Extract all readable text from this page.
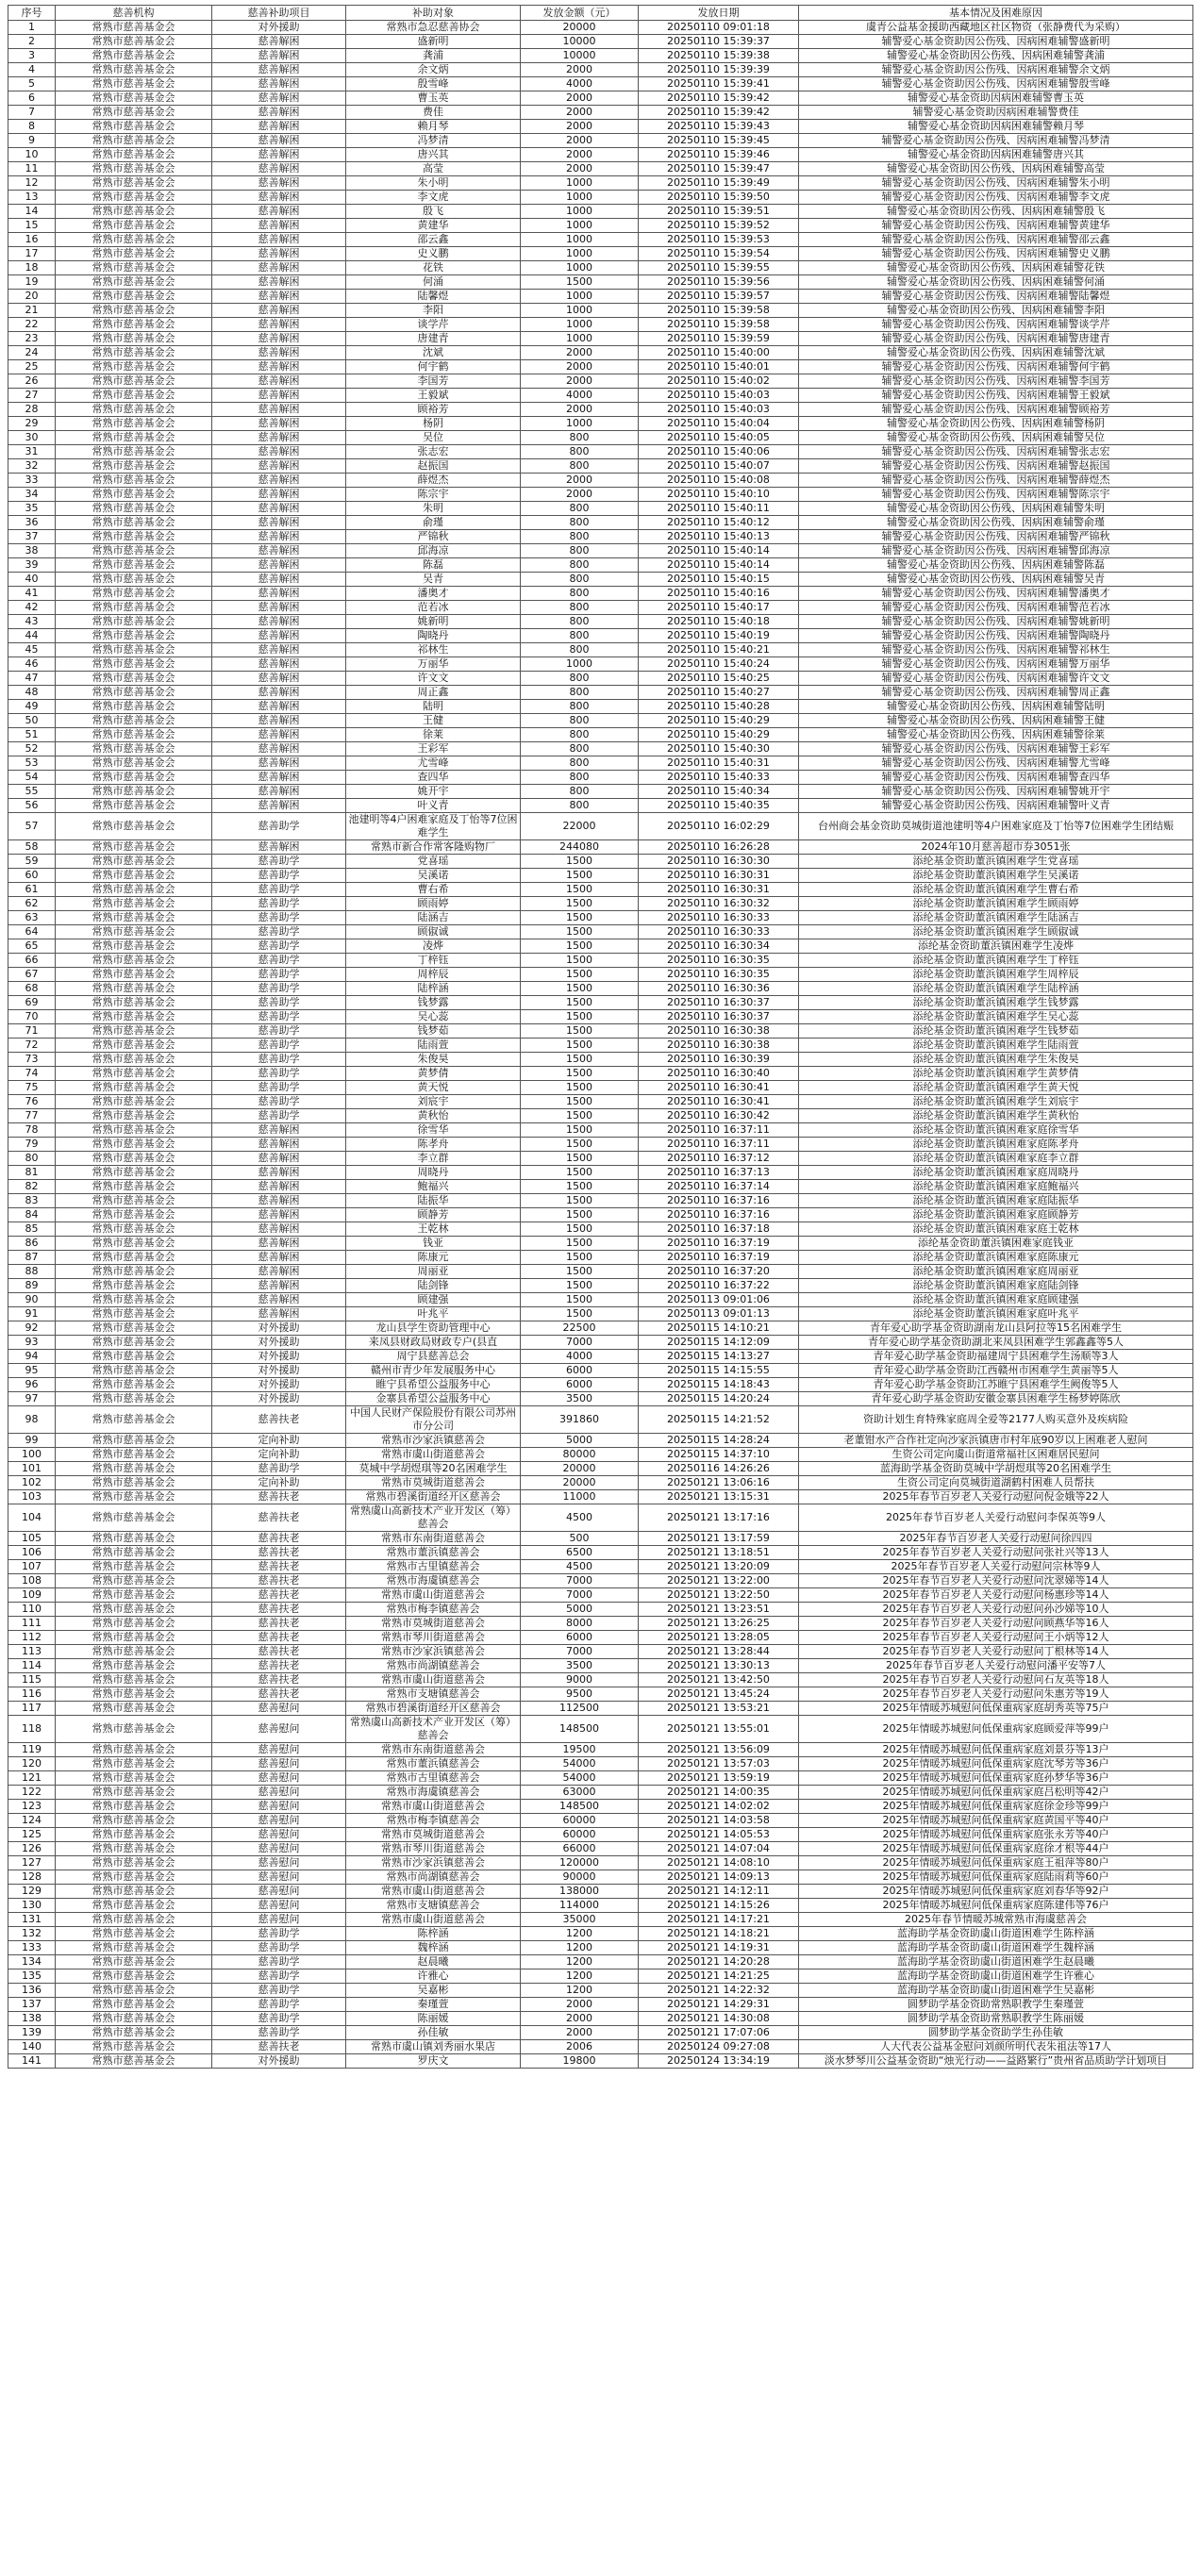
序号	慈善机构	慈善补助项目	补助对象	发放金额（元）	发放日期	基本情况及困难原因
1	常熟市慈善基金会	对外援助	常熟市急忍慈善协会	20000	20250110 09:01:18	虞青公益基金援助西藏地区社区物资（张静费代为采购）
2	常熟市慈善基金会	慈善解困	盛新明	10000	20250110 15:39:37	辅警爱心基金资助因公伤残、因病困难辅警盛新明
3	常熟市慈善基金会	慈善解困	龚浦	10000	20250110 15:39:38	辅警爱心基金资助因公伤残、因病困难辅警龚浦
4	常熟市慈善基金会	慈善解困	余文炳	2000	20250110 15:39:39	辅警爱心基金资助因公伤残、因病困难辅警余文炳
5	常熟市慈善基金会	慈善解困	殷雪峰	4000	20250110 15:39:41	辅警爱心基金资助因公伤残、因病困难辅警殷雪峰
6	常熟市慈善基金会	慈善解困	曹玉英	2000	20250110 15:39:42	辅警爱心基金资助因病困难辅警曹玉英
7	常熟市慈善基金会	慈善解困	费佳	2000	20250110 15:39:42	辅警爱心基金资助因病困难辅警费佳
8	常熟市慈善基金会	慈善解困	赖月琴	2000	20250110 15:39:43	辅警爱心基金资助因病困难辅警赖月琴
9	常熟市慈善基金会	慈善解困	冯梦清	2000	20250110 15:39:45	辅警爱心基金资助因公伤残、因病困难辅警冯梦清
10	常熟市慈善基金会	慈善解困	唐兴其	2000	20250110 15:39:46	辅警爱心基金资助因病困难辅警唐兴其
11	常熟市慈善基金会	慈善解困	高莹	2000	20250110 15:39:47	辅警爱心基金资助因公伤残、因病困难辅警高莹
12	常熟市慈善基金会	慈善解困	朱小明	1000	20250110 15:39:49	辅警爱心基金资助因公伤残、因病困难辅警朱小明
13	常熟市慈善基金会	慈善解困	李文虎	1000	20250110 15:39:50	辅警爱心基金资助因公伤残、因病困难辅警李文虎
14	常熟市慈善基金会	慈善解困	殷飞	1000	20250110 15:39:51	辅警爱心基金资助因公伤残、因病困难辅警殷飞
15	常熟市慈善基金会	慈善解困	黄建华	1000	20250110 15:39:52	辅警爱心基金资助因公伤残、因病困难辅警黄建华
16	常熟市慈善基金会	慈善解困	邵云鑫	1000	20250110 15:39:53	辅警爱心基金资助因公伤残、因病困难辅警邵云鑫
17	常熟市慈善基金会	慈善解困	史义鹏	1000	20250110 15:39:54	辅警爱心基金资助因公伤残、因病困难辅警史义鹏
18	常熟市慈善基金会	慈善解困	花铁	1000	20250110 15:39:55	辅警爱心基金资助因公伤残、因病困难辅警花铁
19	常熟市慈善基金会	慈善解困	何涌	1500	20250110 15:39:56	辅警爱心基金资助因公伤残、因病困难辅警何涌
20	常熟市慈善基金会	慈善解困	陆馨煜	1000	20250110 15:39:57	辅警爱心基金资助因公伤残、因病困难辅警陆馨煜
21	常熟市慈善基金会	慈善解困	李阳	1000	20250110 15:39:58	辅警爱心基金资助因公伤残、因病困难辅警李阳
22	常熟市慈善基金会	慈善解困	谈学芹	1000	20250110 15:39:58	辅警爱心基金资助因公伤残、因病困难辅警谈学芹
23	常熟市慈善基金会	慈善解困	唐建青	1000	20250110 15:39:59	辅警爱心基金资助因公伤残、因病困难辅警唐建青
24	常熟市慈善基金会	慈善解困	沈斌	2000	20250110 15:40:00	辅警爱心基金资助因公伤残、因病困难辅警沈斌
25	常熟市慈善基金会	慈善解困	何宇鹤	2000	20250110 15:40:01	辅警爱心基金资助因公伤残、因病困难辅警何宇鹤
26	常熟市慈善基金会	慈善解困	李国芳	2000	20250110 15:40:02	辅警爱心基金资助因公伤残、因病困难辅警李国芳
27	常熟市慈善基金会	慈善解困	王毅斌	4000	20250110 15:40:03	辅警爱心基金资助因公伤残、因病困难辅警王毅斌
28	常熟市慈善基金会	慈善解困	顾裕芳	2000	20250110 15:40:03	辅警爱心基金资助因公伤残、因病困难辅警顾裕芳
29	常熟市慈善基金会	慈善解困	杨阴	1000	20250110 15:40:04	辅警爱心基金资助因公伤残、因病困难辅警杨阴
30	常熟市慈善基金会	慈善解困	吴位	800	20250110 15:40:05	辅警爱心基金资助因公伤残、因病困难辅警吴位
31	常熟市慈善基金会	慈善解困	张志宏	800	20250110 15:40:06	辅警爱心基金资助因公伤残、因病困难辅警张志宏
32	常熟市慈善基金会	慈善解困	赵振国	800	20250110 15:40:07	辅警爱心基金资助因公伤残、因病困难辅警赵振国
33	常熟市慈善基金会	慈善解困	薛煜杰	2000	20250110 15:40:08	辅警爱心基金资助因公伤残、因病困难辅警薛煜杰
34	常熟市慈善基金会	慈善解困	陈宗宇	2000	20250110 15:40:10	辅警爱心基金资助因公伤残、因病困难辅警陈宗宇
35	常熟市慈善基金会	慈善解困	朱明	800	20250110 15:40:11	辅警爱心基金资助因公伤残、因病困难辅警朱明
36	常熟市慈善基金会	慈善解困	俞瑾	800	20250110 15:40:12	辅警爱心基金资助因公伤残、因病困难辅警俞瑾
37	常熟市慈善基金会	慈善解困	严锦秋	800	20250110 15:40:13	辅警爱心基金资助因公伤残、因病困难辅警严锦秋
38	常熟市慈善基金会	慈善解困	邱海凉	800	20250110 15:40:14	辅警爱心基金资助因公伤残、因病困难辅警邱海凉
39	常熟市慈善基金会	慈善解困	陈磊	800	20250110 15:40:14	辅警爱心基金资助因公伤残、因病困难辅警陈磊
40	常熟市慈善基金会	慈善解困	吴青	800	20250110 15:40:15	辅警爱心基金资助因公伤残、因病困难辅警吴青
41	常熟市慈善基金会	慈善解困	潘奥才	800	20250110 15:40:16	辅警爱心基金资助因公伤残、因病困难辅警潘奥才
42	常熟市慈善基金会	慈善解困	范若冰	800	20250110 15:40:17	辅警爱心基金资助因公伤残、因病困难辅警范若冰
43	常熟市慈善基金会	慈善解困	姚新明	800	20250110 15:40:18	辅警爱心基金资助因公伤残、因病困难辅警姚新明
44	常熟市慈善基金会	慈善解困	陶晓丹	800	20250110 15:40:19	辅警爱心基金资助因公伤残、因病困难辅警陶晓丹
45	常熟市慈善基金会	慈善解困	祁林生	800	20250110 15:40:21	辅警爱心基金资助因公伤残、因病困难辅警祁林生
46	常熟市慈善基金会	慈善解困	万丽华	1000	20250110 15:40:24	辅警爱心基金资助因公伤残、因病困难辅警万丽华
47	常熟市慈善基金会	慈善解困	许文文	800	20250110 15:40:25	辅警爱心基金资助因公伤残、因病困难辅警许文文
48	常熟市慈善基金会	慈善解困	周正鑫	800	20250110 15:40:27	辅警爱心基金资助因公伤残、因病困难辅警周正鑫
49	常熟市慈善基金会	慈善解困	陆明	800	20250110 15:40:28	辅警爱心基金资助因公伤残、因病困难辅警陆明
50	常熟市慈善基金会	慈善解困	王健	800	20250110 15:40:29	辅警爱心基金资助因公伤残、因病困难辅警王健
51	常熟市慈善基金会	慈善解困	徐莱	800	20250110 15:40:29	辅警爱心基金资助因公伤残、因病困难辅警徐莱
52	常熟市慈善基金会	慈善解困	王彩军	800	20250110 15:40:30	辅警爱心基金资助因公伤残、因病困难辅警王彩军
53	常熟市慈善基金会	慈善解困	尤雪峰	800	20250110 15:40:31	辅警爱心基金资助因公伤残、因病困难辅警尤雪峰
54	常熟市慈善基金会	慈善解困	查四华	800	20250110 15:40:33	辅警爱心基金资助因公伤残、因病困难辅警查四华
55	常熟市慈善基金会	慈善解困	姚开宇	800	20250110 15:40:34	辅警爱心基金资助因公伤残、因病困难辅警姚开宇
56	常熟市慈善基金会	慈善解困	叶义青	800	20250110 15:40:35	辅警爱心基金资助因公伤残、因病困难辅警叶义青
57	常熟市慈善基金会	慈善助学	池建明等4户困难家庭及丁怡等7位困难学生	22000	20250110 16:02:29	台州商会基金资助莫城街道池建明等4户困难家庭及丁怡等7位困难学生团结赈
58	常熟市慈善基金会	慈善解困	常熟市新合作常客隆购物厂	244080	20250110 16:26:28	2024年10月慈善超市券3051张
59	常熟市慈善基金会	慈善助学	党喜瑶	1500	20250110 16:30:30	添纶基金资助董浜镇困难学生党喜瑶
60	常熟市慈善基金会	慈善助学	吴溪诺	1500	20250110 16:30:31	添纶基金资助董浜镇困难学生吴溪诺
61	常熟市慈善基金会	慈善助学	曹右希	1500	20250110 16:30:31	添纶基金资助董浜镇困难学生曹右希
62	常熟市慈善基金会	慈善助学	顾雨婷	1500	20250110 16:30:32	添纶基金资助董浜镇困难学生顾雨婷
63	常熟市慈善基金会	慈善助学	陆涵吉	1500	20250110 16:30:33	添纶基金资助董浜镇困难学生陆涵吉
64	常熟市慈善基金会	慈善助学	顾俶诚	1500	20250110 16:30:33	添纶基金资助董浜镇困难学生顾俶诚
65	常熟市慈善基金会	慈善助学	凌烨	1500	20250110 16:30:34	添纶基金资助董浜镇困难学生凌烨
66	常熟市慈善基金会	慈善助学	丁梓钰	1500	20250110 16:30:35	添纶基金资助董浜镇困难学生丁梓钰
67	常熟市慈善基金会	慈善助学	周梓辰	1500	20250110 16:30:35	添纶基金资助董浜镇困难学生周梓辰
68	常熟市慈善基金会	慈善助学	陆梓涵	1500	20250110 16:30:36	添纶基金资助董浜镇困难学生陆梓涵
69	常熟市慈善基金会	慈善助学	钱梦露	1500	20250110 16:30:37	添纶基金资助董浜镇困难学生钱梦露
70	常熟市慈善基金会	慈善助学	吴心蕊	1500	20250110 16:30:37	添纶基金资助董浜镇困难学生吴心蕊
71	常熟市慈善基金会	慈善助学	钱梦茹	1500	20250110 16:30:38	添纶基金资助董浜镇困难学生钱梦茹
72	常熟市慈善基金会	慈善助学	陆雨萱	1500	20250110 16:30:38	添纶基金资助董浜镇困难学生陆雨萱
73	常熟市慈善基金会	慈善助学	朱俊昊	1500	20250110 16:30:39	添纶基金资助董浜镇困难学生朱俊昊
74	常熟市慈善基金会	慈善助学	黄梦倩	1500	20250110 16:30:40	添纶基金资助董浜镇困难学生黄梦倩
75	常熟市慈善基金会	慈善助学	黄天悦	1500	20250110 16:30:41	添纶基金资助董浜镇困难学生黄天悦
76	常熟市慈善基金会	慈善助学	刘宸宇	1500	20250110 16:30:41	添纶基金资助董浜镇困难学生刘宸宇
77	常熟市慈善基金会	慈善助学	黄秋怡	1500	20250110 16:30:42	添纶基金资助董浜镇困难学生黄秋怡
78	常熟市慈善基金会	慈善解困	徐雪华	1500	20250110 16:37:11	添纶基金资助董浜镇困难家庭徐雪华
79	常熟市慈善基金会	慈善解困	陈孝舟	1500	20250110 16:37:11	添纶基金资助董浜镇困难家庭陈孝舟
80	常熟市慈善基金会	慈善解困	李立群	1500	20250110 16:37:12	添纶基金资助董浜镇困难家庭李立群
81	常熟市慈善基金会	慈善解困	周晓丹	1500	20250110 16:37:13	添纶基金资助董浜镇困难家庭周晓丹
82	常熟市慈善基金会	慈善解困	鲍福兴	1500	20250110 16:37:14	添纶基金资助董浜镇困难家庭鲍福兴
83	常熟市慈善基金会	慈善解困	陆振华	1500	20250110 16:37:16	添纶基金资助董浜镇困难家庭陆振华
84	常熟市慈善基金会	慈善解困	顾静芳	1500	20250110 16:37:16	添纶基金资助董浜镇困难家庭顾静芳
85	常熟市慈善基金会	慈善解困	王乾林	1500	20250110 16:37:18	添纶基金资助董浜镇困难家庭王乾林
86	常熟市慈善基金会	慈善解困	钱亚	1500	20250110 16:37:19	添纶基金资助董浜镇困难家庭钱亚
87	常熟市慈善基金会	慈善解困	陈康元	1500	20250110 16:37:19	添纶基金资助董浜镇困难家庭陈康元
88	常熟市慈善基金会	慈善解困	周丽亚	1500	20250110 16:37:20	添纶基金资助董浜镇困难家庭周丽亚
89	常熟市慈善基金会	慈善解困	陆剑锋	1500	20250110 16:37:22	添纶基金资助董浜镇困难家庭陆剑锋
90	常熟市慈善基金会	慈善解困	顾建强	1500	20250113 09:01:06	添纶基金资助董浜镇困难家庭顾建强
91	常熟市慈善基金会	慈善解困	叶兆平	1500	20250113 09:01:13	添纶基金资助董浜镇困难家庭叶兆平
92	常熟市慈善基金会	对外援助	龙山县学生资助管理中心	22500	20250115 14:10:21	青年爱心助学基金资助湖南龙山县阿拉等15名困难学生
93	常熟市慈善基金会	对外援助	来凤县财政局财政专户(县直	7000	20250115 14:12:09	青年爱心助学基金资助湖北来凤县困难学生郭鑫鑫等5人
94	常熟市慈善基金会	对外援助	周宁县慈善总会	4000	20250115 14:13:27	青年爱心助学基金资助福建周宁县困难学生汤顺等3人
95	常熟市慈善基金会	对外援助	赣州市青少年发展服务中心	6000	20250115 14:15:55	青年爱心助学基金资助江西赣州市困难学生黄丽等5人
96	常熟市慈善基金会	对外援助	睢宁县希望公益服务中心	6000	20250115 14:18:43	青年爱心助学基金资助江苏睢宁县困难学生阙俊等5人
97	常熟市慈善基金会	对外援助	金寨县希望公益服务中心	3500	20250115 14:20:24	青年爱心助学基金资助安徽金寨县困难学生杨梦婷陈欣
98	常熟市慈善基金会	慈善扶老	中国人民财产保险股份有限公司苏州市分公司	391860	20250115 14:21:52	资助计划生育特殊家庭周全爱等2177人购买意外及疾病险
99	常熟市慈善基金会	定向补助	常熟市沙家浜镇慈善会	5000	20250115 14:28:24	老董钳水产合作社定向沙家浜镇唐市村年底90岁以上困难老人慰问
100	常熟市慈善基金会	定向补助	常熟市虞山街道慈善会	80000	20250115 14:37:10	生资公司定向虞山街道常福社区困难居民慰问
101	常熟市慈善基金会	慈善助学	莫城中学胡煜琪等20名困难学生	20000	20250116 14:26:26	蓝海助学基金资助莫城中学胡煜琪等20名困难学生
102	常熟市慈善基金会	定向补助	常熟市莫城街道慈善会	20000	20250121 13:06:16	生资公司定向莫城街道湖鹤村困难人员帮扶
103	常熟市慈善基金会	慈善扶老	常熟市碧溪街道经开区慈善会	11000	20250121 13:15:31	2025年春节百岁老人关爱行动慰问倪金娥等22人
104	常熟市慈善基金会	慈善扶老	常熟虞山高新技术产业开发区（筹）慈善会	4500	20250121 13:17:16	2025年春节百岁老人关爱行动慰问李保英等9人
105	常熟市慈善基金会	慈善扶老	常熟市东南街道慈善会	500	20250121 13:17:59	2025年春节百岁老人关爱行动慰问徐四四
106	常熟市慈善基金会	慈善扶老	常熟市董浜镇慈善会	6500	20250121 13:18:51	2025年春节百岁老人关爱行动慰问张社兴等13人
107	常熟市慈善基金会	慈善扶老	常熟市古里镇慈善会	4500	20250121 13:20:09	2025年春节百岁老人关爱行动慰问宗林等9人
108	常熟市慈善基金会	慈善扶老	常熟市海虞镇慈善会	7000	20250121 13:22:00	2025年春节百岁老人关爱行动慰问沈翠娣等14人
109	常熟市慈善基金会	慈善扶老	常熟市虞山街道慈善会	7000	20250121 13:22:50	2025年春节百岁老人关爱行动慰问杨惠珍等14人
110	常熟市慈善基金会	慈善扶老	常熟市梅李镇慈善会	5000	20250121 13:23:51	2025年春节百岁老人关爱行动慰问孙沙娣等10人
111	常熟市慈善基金会	慈善扶老	常熟市莫城街道慈善会	8000	20250121 13:26:25	2025年春节百岁老人关爱行动慰问顾燕华等16人
112	常熟市慈善基金会	慈善扶老	常熟市琴川街道慈善会	6000	20250121 13:28:05	2025年春节百岁老人关爱行动慰问王小炳等12人
113	常熟市慈善基金会	慈善扶老	常熟市沙家浜镇慈善会	7000	20250121 13:28:44	2025年春节百岁老人关爱行动慰问丁根林等14人
114	常熟市慈善基金会	慈善扶老	常熟市尚湖镇慈善会	3500	20250121 13:30:13	2025年春节百岁老人关爱行动慰问潘平安等7人
115	常熟市慈善基金会	慈善扶老	常熟市虞山街道慈善会	9000	20250121 13:42:50	2025年春节百岁老人关爱行动慰问石友英等18人
116	常熟市慈善基金会	慈善扶老	常熟市支塘镇慈善会	9500	20250121 13:45:24	2025年春节百岁老人关爱行动慰问朱惠芳等19人
117	常熟市慈善基金会	慈善慰问	常熟市碧溪街道经开区慈善会	112500	20250121 13:53:21	2025年情暖苏城慰问低保重病家庭胡秀英等75户
118	常熟市慈善基金会	慈善慰问	常熟虞山高新技术产业开发区（筹）慈善会	148500	20250121 13:55:01	2025年情暖苏城慰问低保重病家庭顾爱萍等99户
119	常熟市慈善基金会	慈善慰问	常熟市东南街道慈善会	19500	20250121 13:56:09	2025年情暖苏城慰问低保重病家庭刘景芬等13户
120	常熟市慈善基金会	慈善慰问	常熟市董浜镇慈善会	54000	20250121 13:57:03	2025年情暖苏城慰问低保重病家庭沈琴芳等36户
121	常熟市慈善基金会	慈善慰问	常熟市古里镇慈善会	54000	20250121 13:59:19	2025年情暖苏城慰问低保重病家庭孙梦华等36户
122	常熟市慈善基金会	慈善慰问	常熟市海虞镇慈善会	63000	20250121 14:00:35	2025年情暖苏城慰问低保重病家庭吕松明等42户
123	常熟市慈善基金会	慈善慰问	常熟市虞山街道慈善会	148500	20250121 14:02:02	2025年情暖苏城慰问低保重病家庭徐金珍等99户
124	常熟市慈善基金会	慈善慰问	常熟市梅李镇慈善会	60000	20250121 14:03:58	2025年情暖苏城慰问低保重病家庭黄国平等40户
125	常熟市慈善基金会	慈善慰问	常熟市莫城街道慈善会	60000	20250121 14:05:53	2025年情暖苏城慰问低保重病家庭张永芳等40户
126	常熟市慈善基金会	慈善慰问	常熟市琴川街道慈善会	66000	20250121 14:07:04	2025年情暖苏城慰问低保重病家庭徐才根等44户
127	常熟市慈善基金会	慈善慰问	常熟市沙家浜镇慈善会	120000	20250121 14:08:10	2025年情暖苏城慰问低保重病家庭王祖萍等80户
128	常熟市慈善基金会	慈善慰问	常熟市尚湖镇慈善会	90000	20250121 14:09:13	2025年情暖苏城慰问低保重病家庭陆雨莉等60户
129	常熟市慈善基金会	慈善慰问	常熟市虞山街道慈善会	138000	20250121 14:12:11	2025年情暖苏城慰问低保重病家庭刘春华等92户
130	常熟市慈善基金会	慈善慰问	常熟市支塘镇慈善会	114000	20250121 14:15:26	2025年情暖苏城慰问低保重病家庭陈建伟等76户
131	常熟市慈善基金会	慈善慰问	常熟市虞山街道慈善会	35000	20250121 14:17:21	2025年春节情暖苏城常熟市海虞慈善会
132	常熟市慈善基金会	慈善助学	陈梓涵	1200	20250121 14:18:21	蓝海助学基金资助虞山街道困难学生陈梓涵
133	常熟市慈善基金会	慈善助学	魏梓涵	1200	20250121 14:19:31	蓝海助学基金资助虞山街道困难学生魏梓涵
134	常熟市慈善基金会	慈善助学	赵晨曦	1200	20250121 14:20:28	蓝海助学基金资助虞山街道困难学生赵晨曦
135	常熟市慈善基金会	慈善助学	许雅心	1200	20250121 14:21:25	蓝海助学基金资助虞山街道困难学生许雅心
136	常熟市慈善基金会	慈善助学	吴嘉彬	1200	20250121 14:22:32	蓝海助学基金资助虞山街道困难学生吴嘉彬
137	常熟市慈善基金会	慈善助学	秦瑾萱	2000	20250121 14:29:31	圆梦助学基金资助常熟职教学生秦瑾萱
138	常熟市慈善基金会	慈善助学	陈丽媛	2000	20250121 14:30:08	圆梦助学基金资助常熟职教学生陈丽媛
139	常熟市慈善基金会	慈善助学	孙佳敏	2000	20250121 17:07:06	圆梦助学基金资助学生孙佳敏
140	常熟市慈善基金会	慈善扶老	常熟市虞山镇刘秀丽水果店	2006	20250124 09:27:08	人大代表公益基金慰问刘颜所明代表朱祖法等17人
141	常熟市慈善基金会	对外援助	罗庆文	19800	20250124 13:34:19	淡水梦琴川公益基金资助“烛光行动——益路繁行”贵州省品质助学计划项目
